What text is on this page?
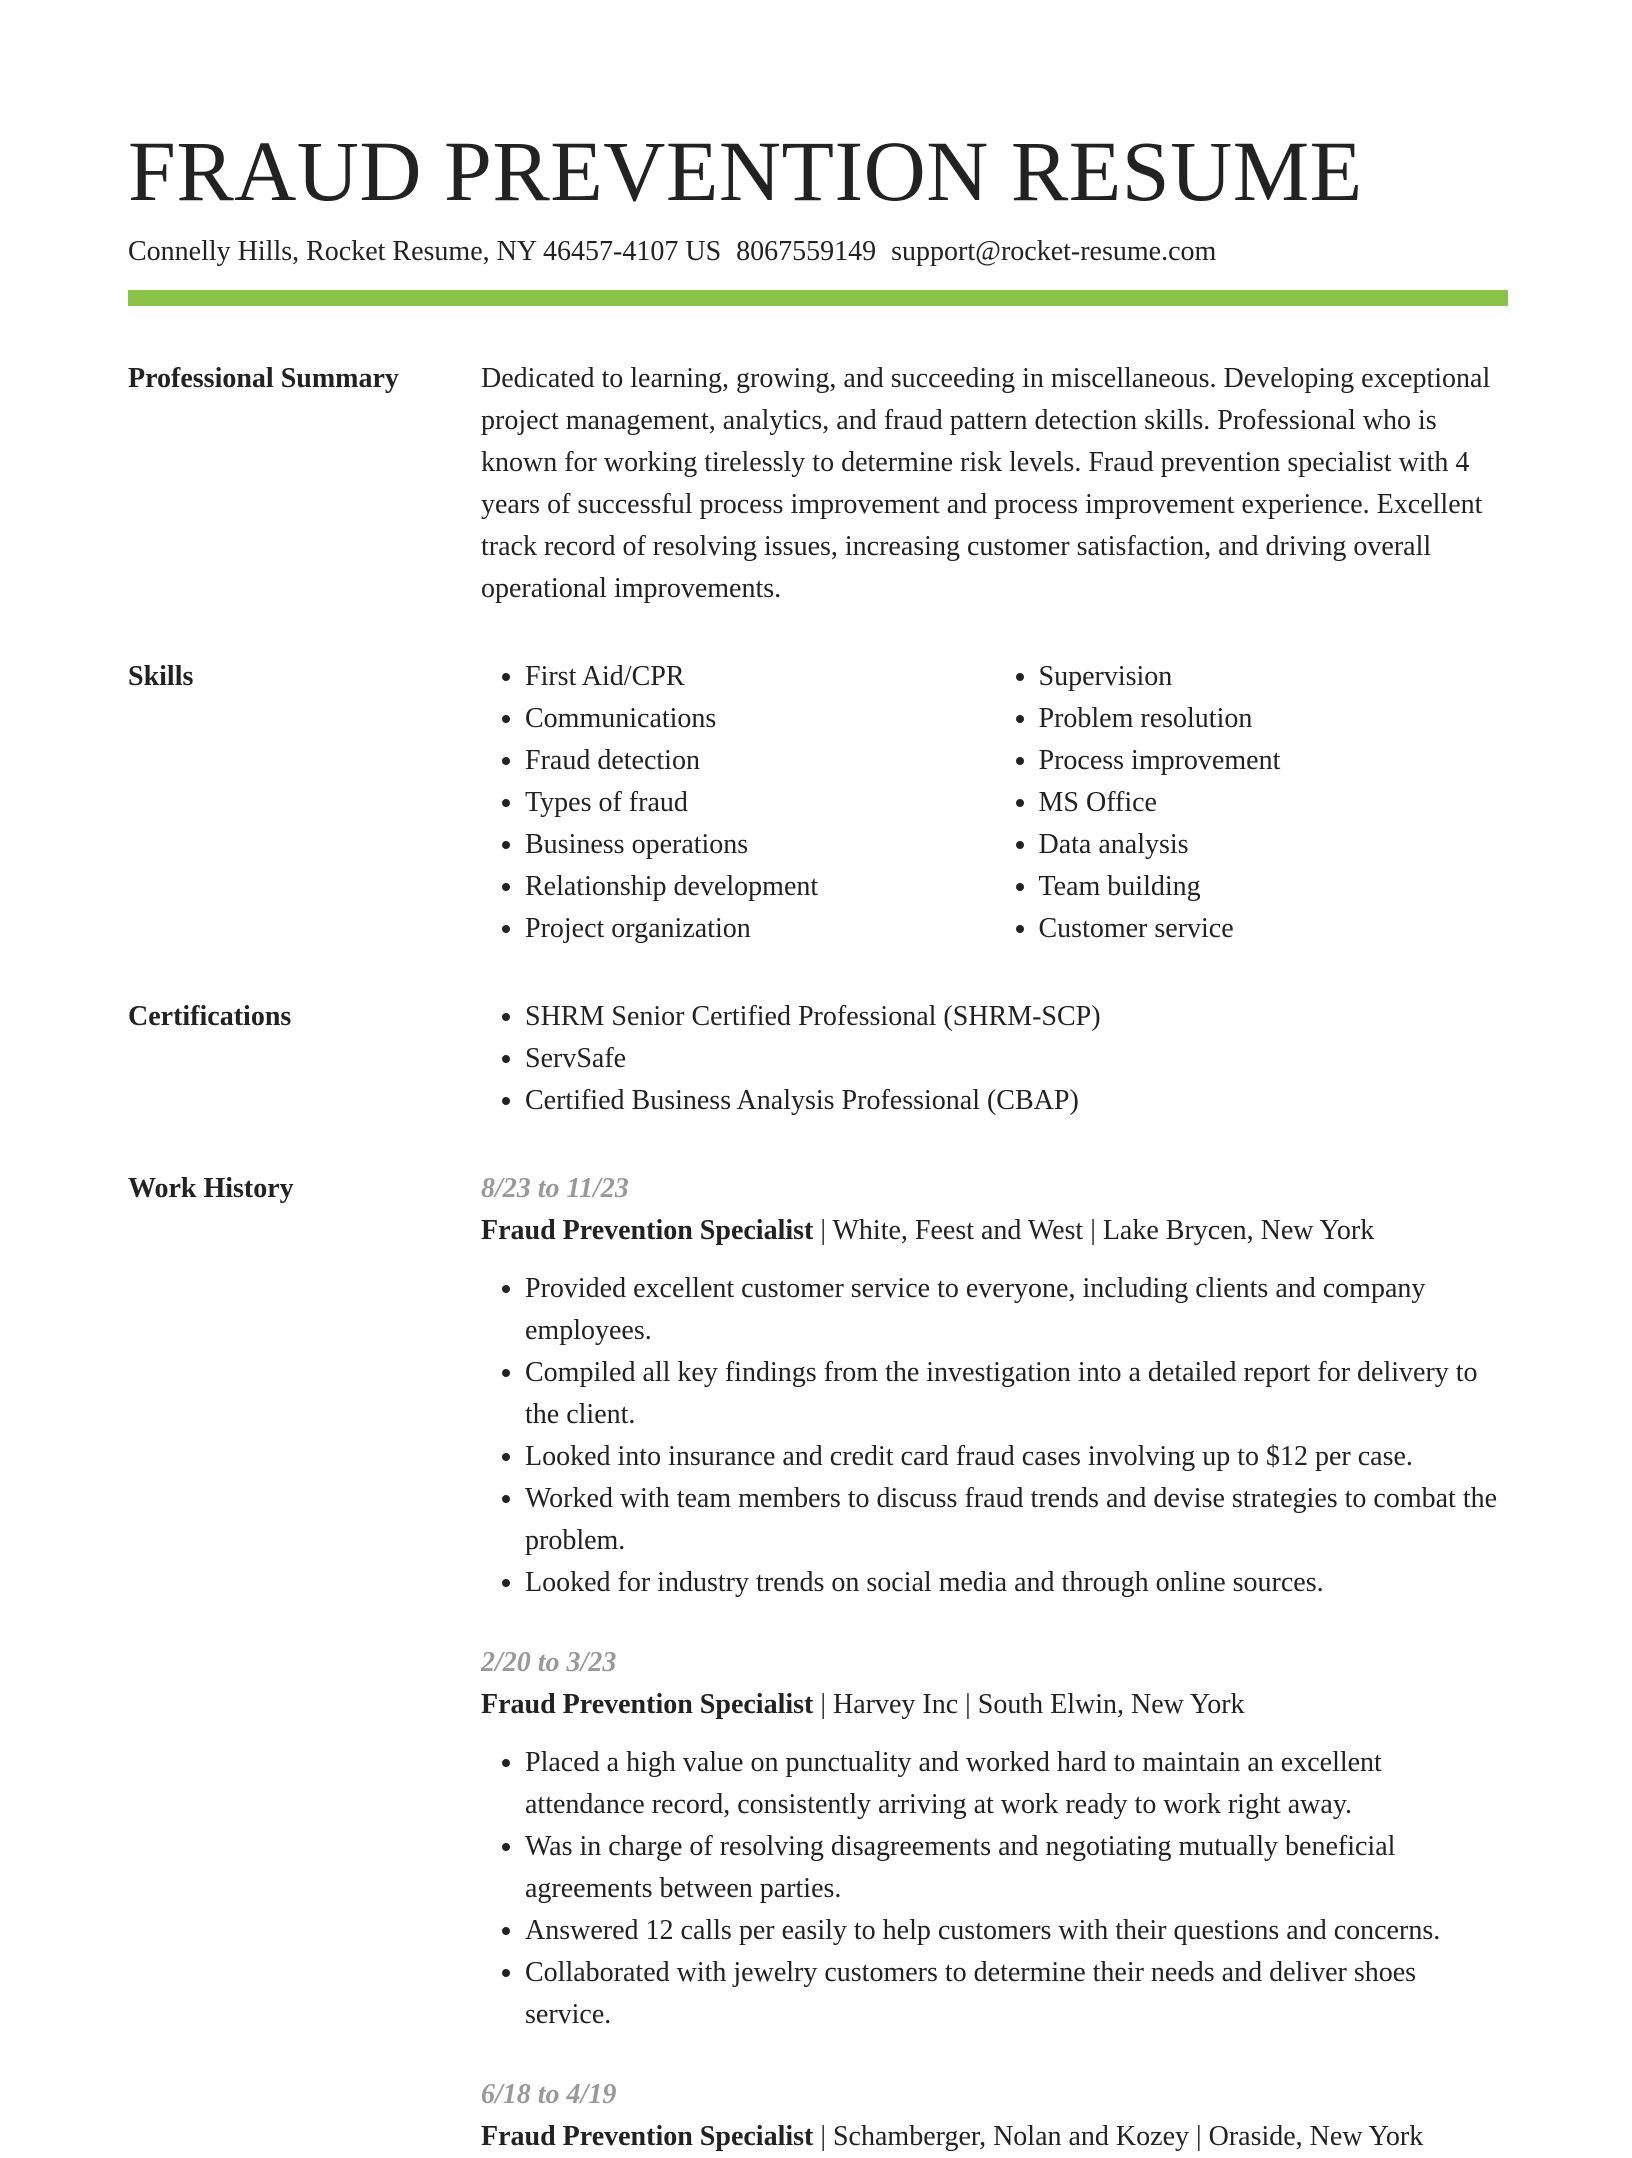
FRAUD PREVENTION RESUME
Connelly Hills, Rocket Resume, NY 46457-4107 US 8067559149 support@rocket-resume.com
Professional Summary	Dedicated to learning, growing, and succeeding in miscellaneous. Developing exceptional project management, analytics, and fraud pattern detection skills. Professional who is known for working tirelessly to determine risk levels. Fraud prevention specialist with 4 years of successful process improvement and process improvement experience. Excellent track record of resolving issues, increasing customer satisfaction, and driving overall operational improvements.

Skills	• First Aid/CPR
• Communications
• Fraud detection
• Types of fraud
• Business operations
• Relationship development
• Project organization
• Supervision
• Problem resolution
• Process improvement
• MS Office
• Data analysis
• Team building
• Customer service
Certifications	• SHRM Senior Certified Professional (SHRM-SCP)
• ServSafe
• Certified Business Analysis Professional (CBAP)
Work History	8/23 to 11/23
Fraud Prevention Specialist | White, Feest and West | Lake Brycen, New York
• Provided excellent customer service to everyone, including clients and company employees.
• Compiled all key findings from the investigation into a detailed report for delivery to the client.
• Looked into insurance and credit card fraud cases involving up to $12 per case.
• Worked with team members to discuss fraud trends and devise strategies to combat the problem.
• Looked for industry trends on social media and through online sources.
2/20 to 3/23
Fraud Prevention Specialist | Harvey Inc | South Elwin, New York
• Placed a high value on punctuality and worked hard to maintain an excellent attendance record, consistently arriving at work ready to work right away.
• Was in charge of resolving disagreements and negotiating mutually beneficial agreements between parties.
• Answered 12 calls per easily to help customers with their questions and concerns.
• Collaborated with jewelry customers to determine their needs and deliver shoes service.
6/18 to 4/19
Fraud Prevention Specialist | Schamberger, Nolan and Kozey | Oraside, New York
